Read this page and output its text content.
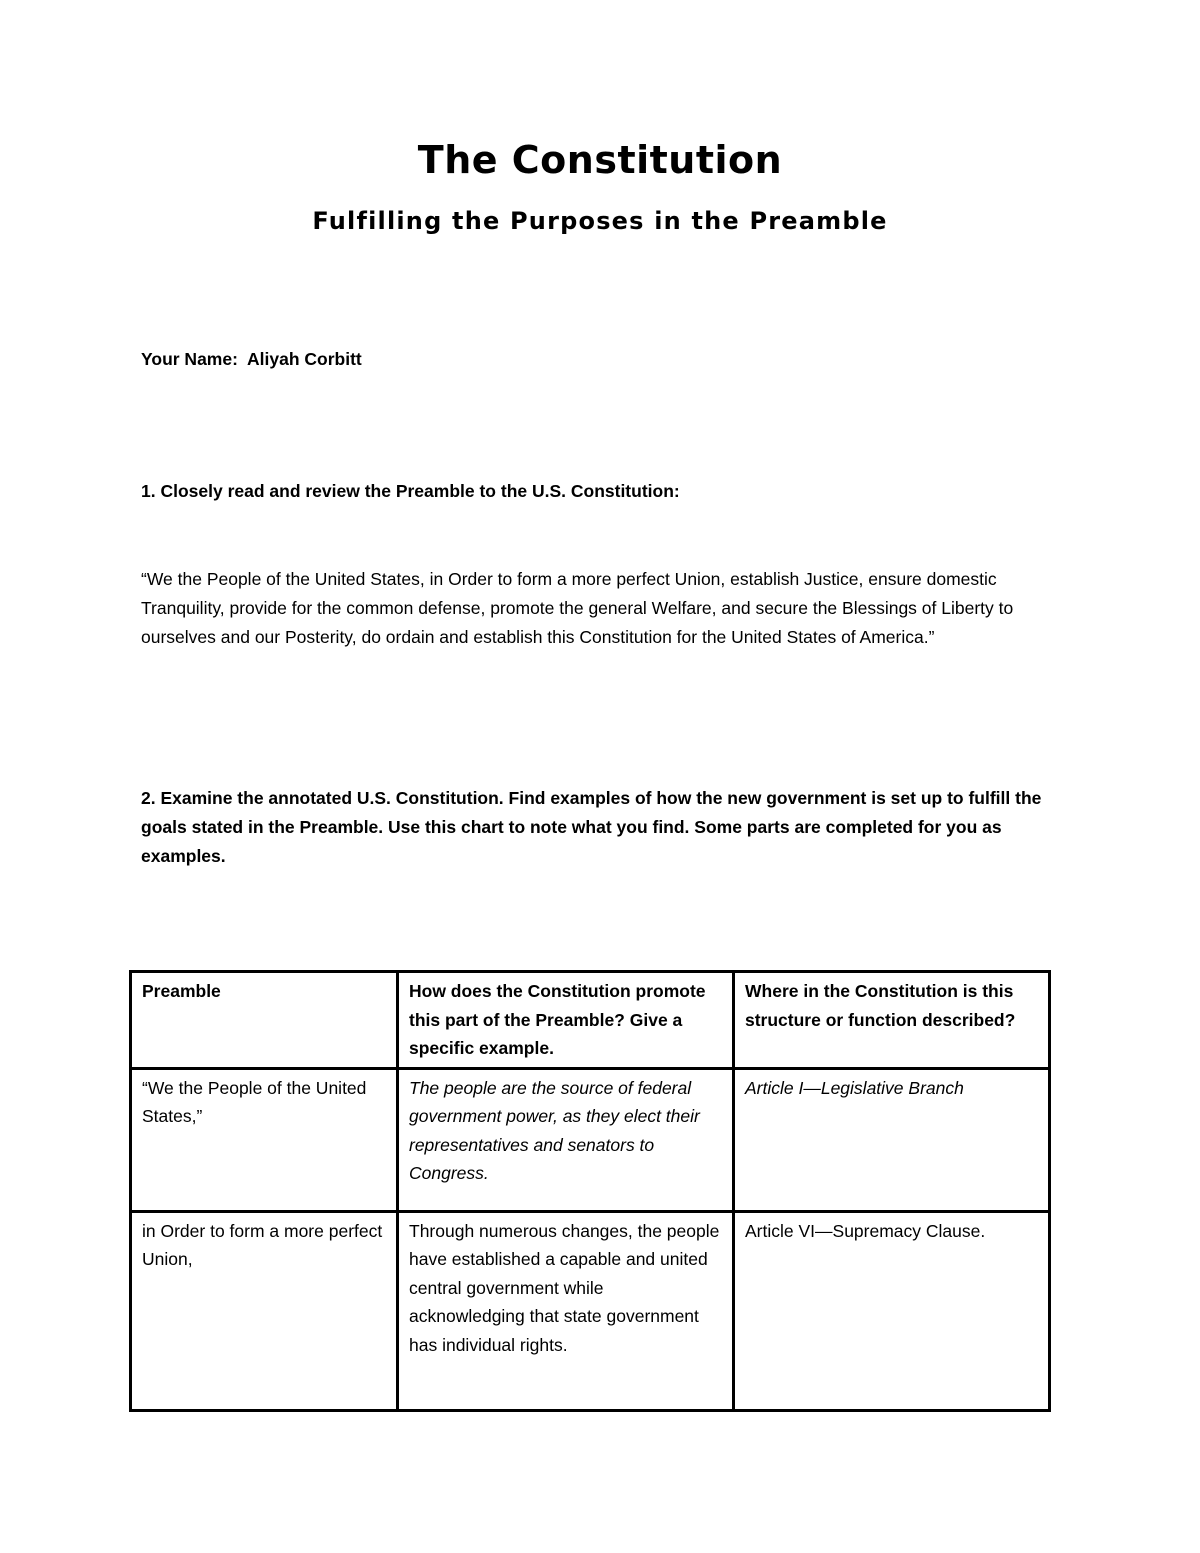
The Constitution
Fulfilling the Purposes in the Preamble

Your Name: Aliyah Corbitt

1. Closely read and review the Preamble to the U.S. Constitution:

“We the People of the United States, in Order to form a more perfect Union, establish Justice, ensure domestic Tranquility, provide for the common defense, promote the general Welfare, and secure the Blessings of Liberty to ourselves and our Posterity, do ordain and establish this Constitution for the United States of America.”

2. Examine the annotated U.S. Constitution. Find examples of how the new government is set up to fulfill the goals stated in the Preamble. Use this chart to note what you find. Some parts are completed for you as examples.

Preamble	How does the Constitution promote this part of the Preamble? Give a specific example.	Where in the Constitution is this structure or function described?
“We the People of the United States,”	The people are the source of federal government power, as they elect their representatives and senators to Congress.	Article I—Legislative Branch
in Order to form a more perfect Union,	Through numerous changes, the people have established a capable and united central government while acknowledging that state government has individual rights.	Article VI—Supremacy Clause.
